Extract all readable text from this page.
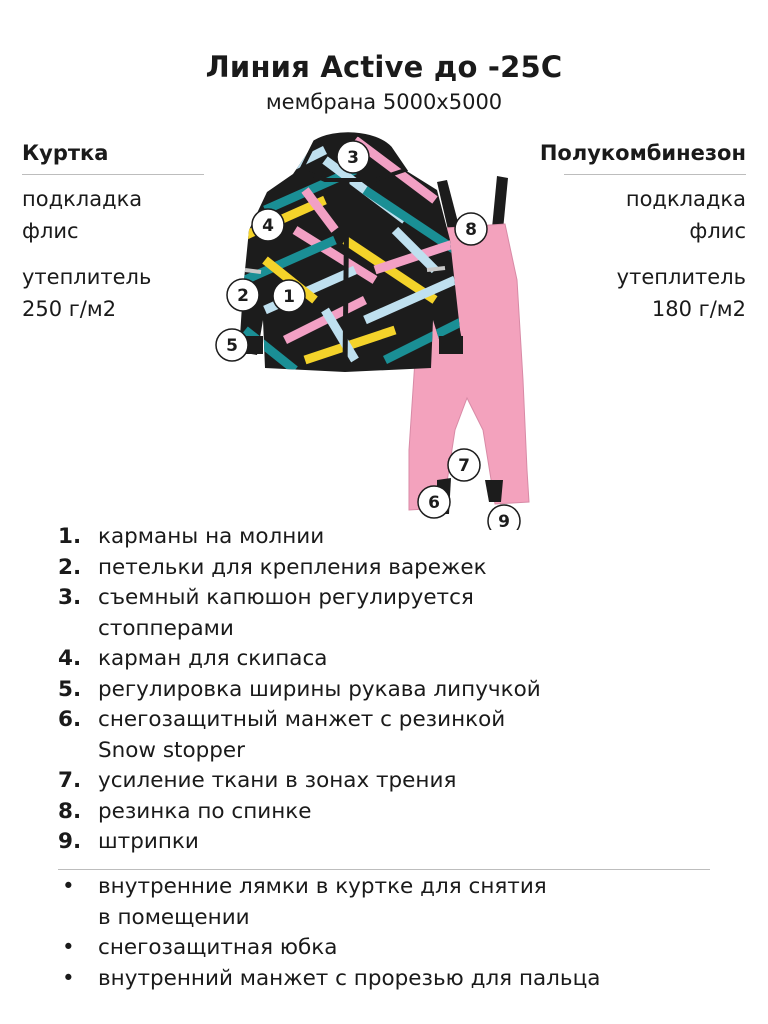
Линия Active до -25С
мембрана 5000х5000
Куртка
подкладка
флис
утеплитель
250 г/м2
Полукомбинезон
подкладка
флис
утеплитель
180 г/м2
3
4	8
2 1
5
7
6
9
1. карманы на молнии
2. петельки для крепления варежек
3. съемный капюшон регулируется
стопперами
4. карман для скипаса
5. регулировка ширины рукава липучкой
6. снегозащитный манжет с резинкой
Snow stopper
7. усиление ткани в зонах трения
8. резинка по спинке
9. штрипки
•	внутренние лямки в куртке для снятия
в помещении
•	снегозащитная юбка
•	внутренний манжет с прорезью для пальца
